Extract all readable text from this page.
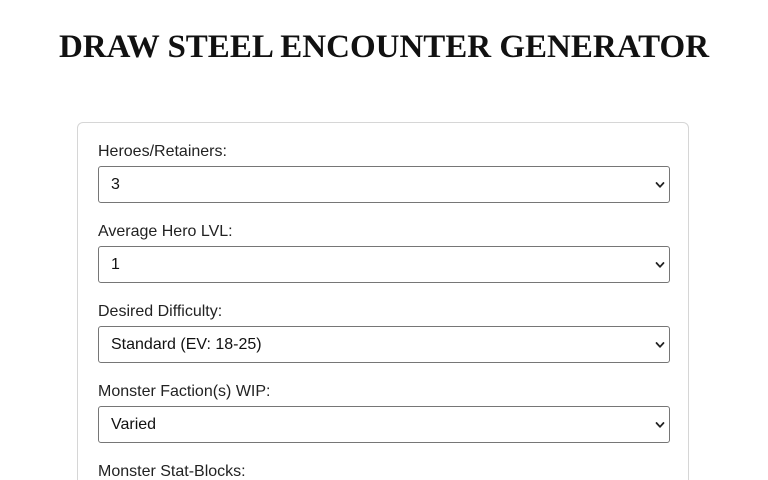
DRAW STEEL ENCOUNTER GENERATOR
Heroes/Retainers:
3
Average Hero LVL:
1
Desired Difficulty:
Standard (EV: 18-25)
Monster Faction(s) WIP:
Varied
Monster Stat-Blocks:
